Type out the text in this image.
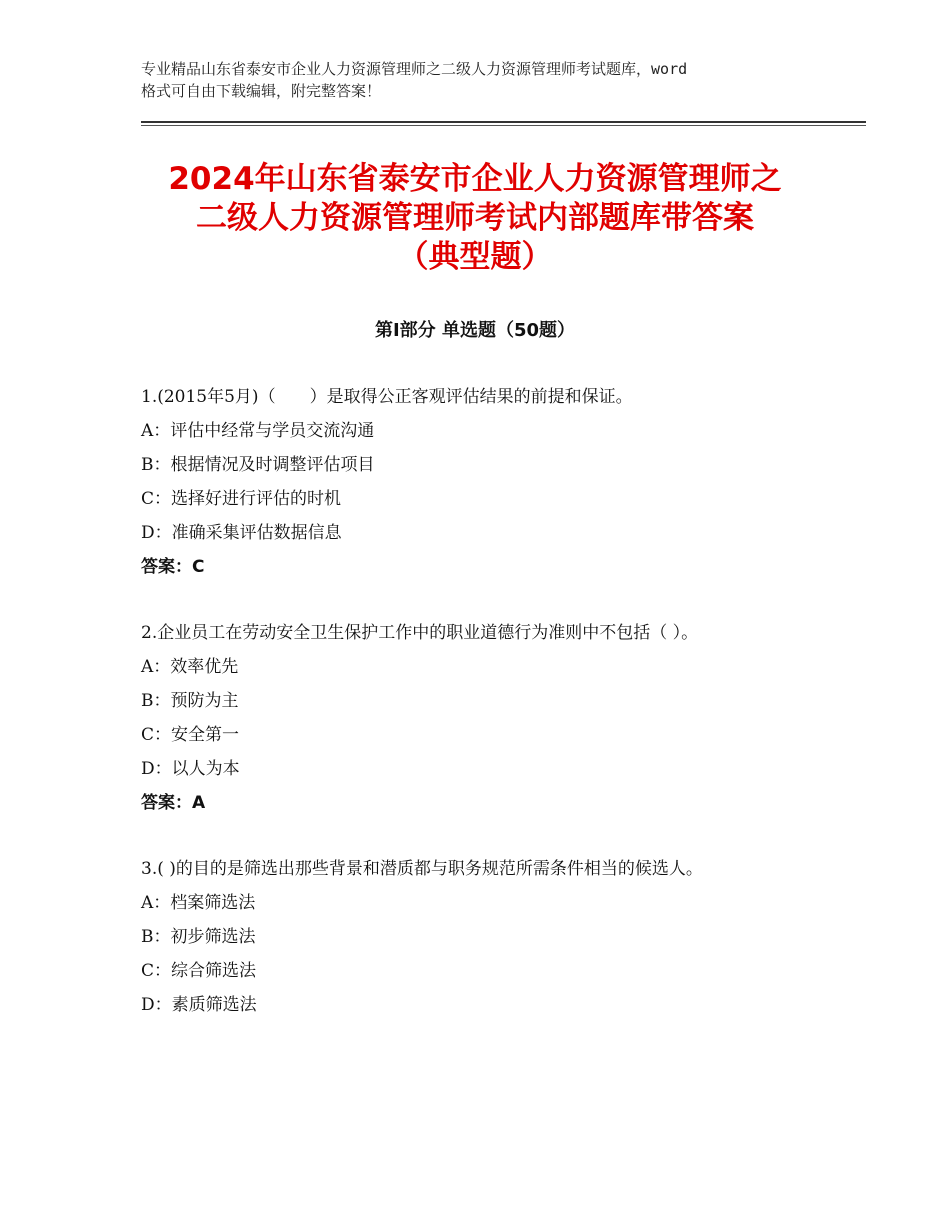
专业精品山东省泰安市企业人力资源管理师之二级人力资源管理师考试题库，word
格式可自由下载编辑，附完整答案！
2024年山东省泰安市企业人力资源管理师之
二级人力资源管理师考试内部题库带答案
（典型题）
第Ⅰ部分 单选题（50题）
1.(2015年5月)（　　）是取得公正客观评估结果的前提和保证。
A：评估中经常与学员交流沟通
B：根据情况及时调整评估项目
C：选择好进行评估的时机
D：准确采集评估数据信息
答案：C
2.企业员工在劳动安全卫生保护工作中的职业道德行为准则中不包括（ ）。
A：效率优先
B：预防为主
C：安全第一
D：以人为本
答案：A
3.( )的目的是筛选出那些背景和潜质都与职务规范所需条件相当的候选人。
A：档案筛选法
B：初步筛选法
C：综合筛选法
D：素质筛选法
